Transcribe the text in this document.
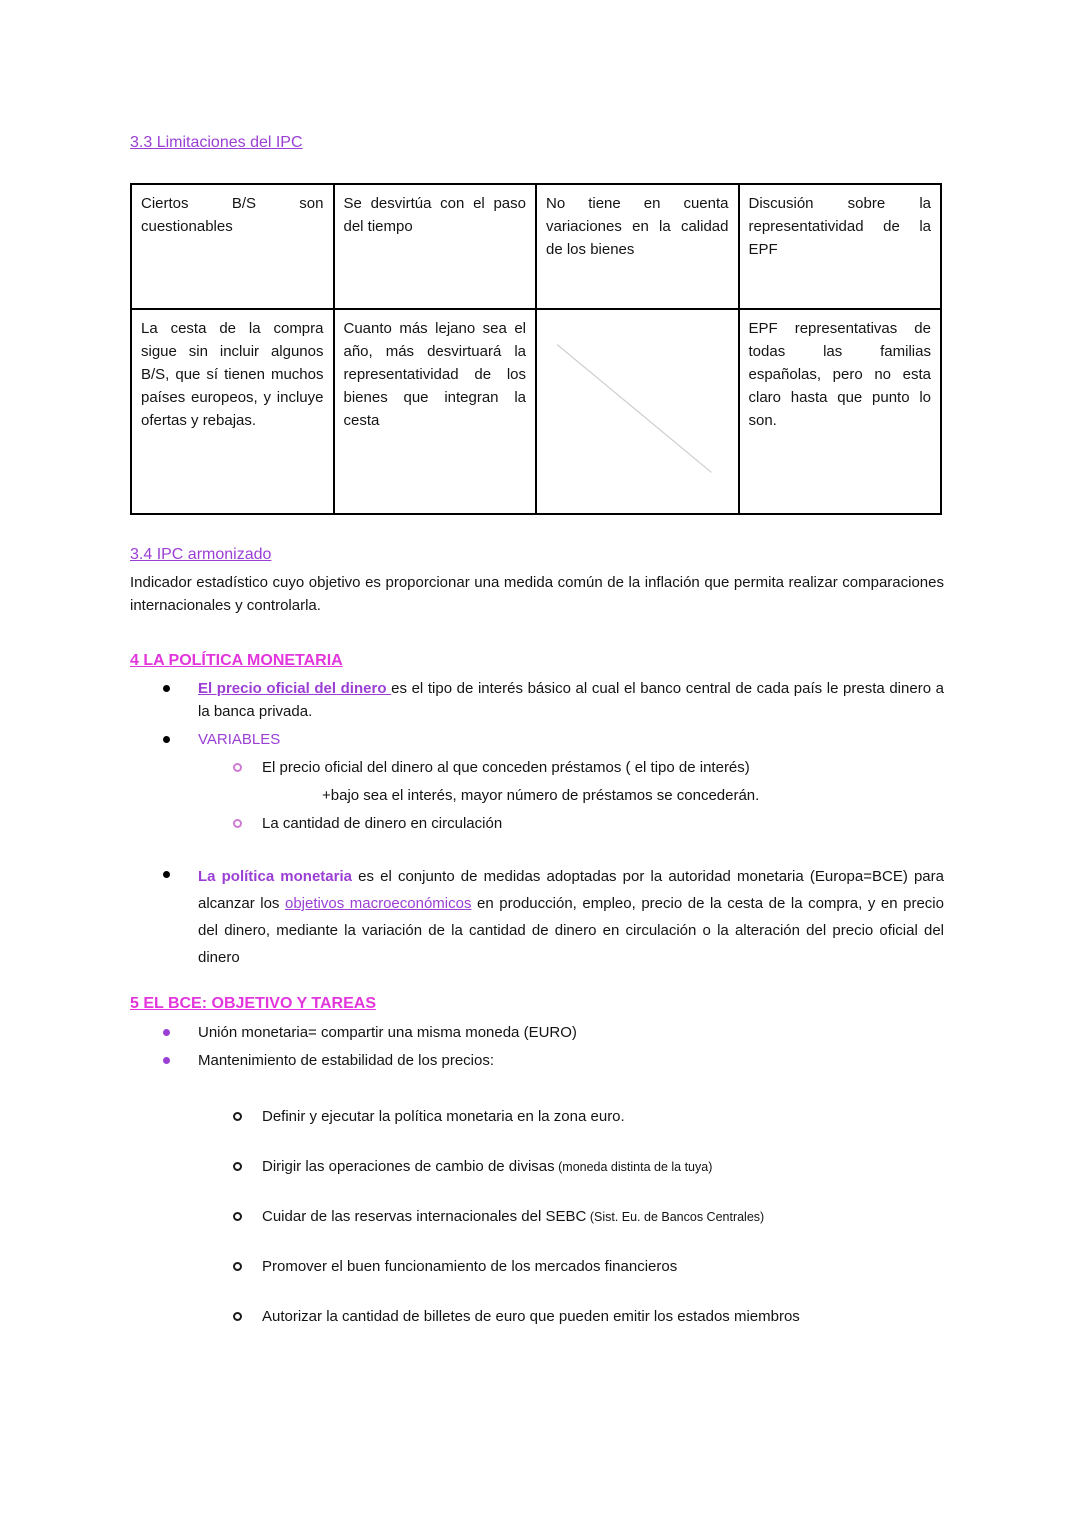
3.3 Limitaciones del IPC
Ciertos B/S son cuestionables	Se desvirtúa con el paso del tiempo	No tiene en cuenta variaciones en la calidad de los bienes	Discusión sobre la representatividad de la EPF
La cesta de la compra sigue sin incluir algunos B/S, que sí tienen muchos países europeos, y incluye ofertas y rebajas.	Cuanto más lejano sea el año, más desvirtuará la representatividad de los bienes que integran la cesta		EPF representativas de todas las familias españolas, pero no esta claro hasta que punto lo son.
3.4 IPC armonizado

Indicador estadístico cuyo objetivo es proporcionar una medida común de la inflación que permita realizar comparaciones internacionales y controlarla.

4 LA POLÍTICA MONETARIA
El precio oficial del dinero es el tipo de interés básico al cual el banco central de cada país le presta dinero a la banca privada.
VARIABLES
El precio oficial del dinero al que conceden préstamos ( el tipo de interés)
+bajo sea el interés, mayor número de préstamos se concederán.
La cantidad de dinero en circulación
La política monetaria es el conjunto de medidas adoptadas por la autoridad monetaria (Europa=BCE) para alcanzar los objetivos macroeconómicos en producción, empleo, precio de la cesta de la compra, y en precio del dinero, mediante la variación de la cantidad de dinero en circulación o la alteración del precio oficial del dinero
5 EL BCE: OBJETIVO Y TAREAS
Unión monetaria= compartir una misma moneda (EURO)
Mantenimiento de estabilidad de los precios:
Definir y ejecutar la política monetaria en la zona euro.
Dirigir las operaciones de cambio de divisas (moneda distinta de la tuya)
Cuidar de las reservas internacionales del SEBC (Sist. Eu. de Bancos Centrales)
Promover el buen funcionamiento de los mercados financieros
Autorizar la cantidad de billetes de euro que pueden emitir los estados miembros
